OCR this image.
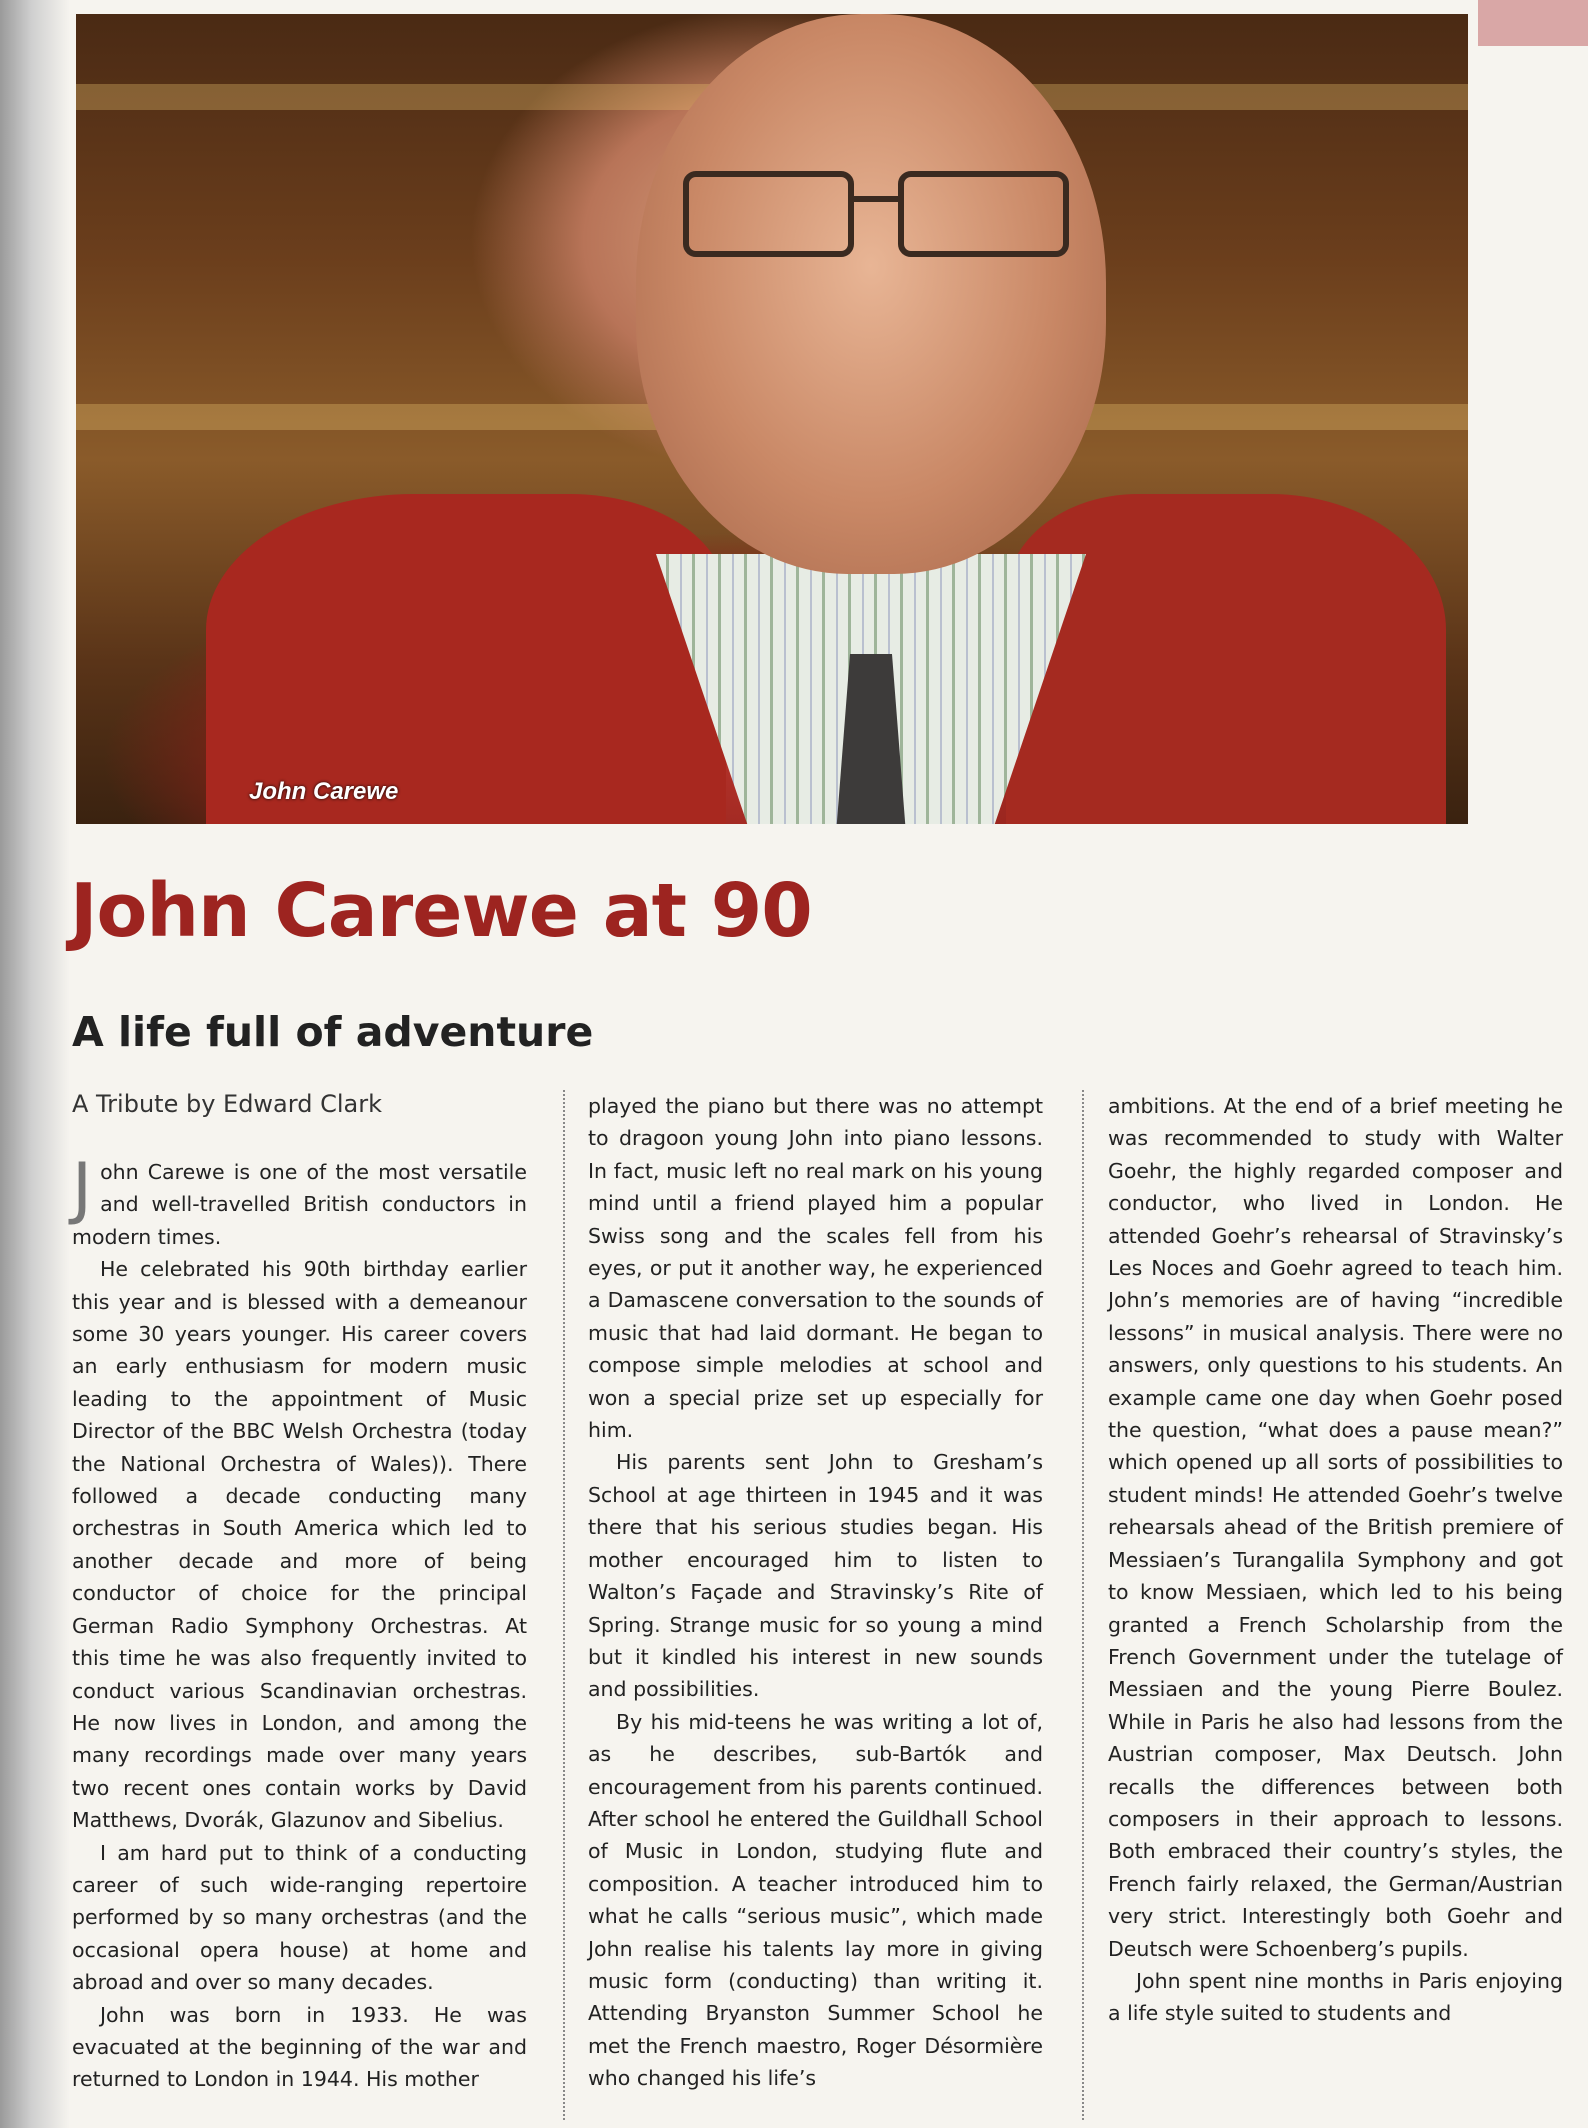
John Carewe
John Carewe at 90
A life full of adventure
A Tribute by Edward Clark

John Carewe is one of the most versatile and well-travelled British conductors in modern times.

He celebrated his 90th birthday earlier this year and is blessed with a demeanour some 30 years younger. His career covers an early enthusiasm for modern music leading to the appointment of Music Director of the BBC Welsh Orchestra (today the National Orchestra of Wales)). There followed a decade conducting many orchestras in South America which led to another decade and more of being conductor of choice for the principal German Radio Symphony Orchestras. At this time he was also frequently invited to conduct various Scandinavian orchestras. He now lives in London, and among the many recordings made over many years two recent ones contain works by David Matthews, Dvorák, Glazunov and Sibelius.

I am hard put to think of a conducting career of such wide-ranging repertoire performed by so many orchestras (and the occasional opera house) at home and abroad and over so many decades.

John was born in 1933. He was evacuated at the beginning of the war and returned to London in 1944. His mother

played the piano but there was no attempt to dragoon young John into piano lessons. In fact, music left no real mark on his young mind until a friend played him a popular Swiss song and the scales fell from his eyes, or put it another way, he experienced a Damascene conversation to the sounds of music that had laid dormant. He began to compose simple melodies at school and won a special prize set up especially for him.

His parents sent John to Gresham’s School at age thirteen in 1945 and it was there that his serious studies began. His mother encouraged him to listen to Walton’s Façade and Stravinsky’s Rite of Spring. Strange music for so young a mind but it kindled his interest in new sounds and possibilities.

By his mid-teens he was writing a lot of, as he describes, sub-Bartók and encouragement from his parents continued. After school he entered the Guildhall School of Music in London, studying flute and composition. A teacher introduced him to what he calls “serious music”, which made John realise his talents lay more in giving music form (conducting) than writing it. Attending Bryanston Summer School he met the French maestro, Roger Désormière who changed his life’s

ambitions. At the end of a brief meeting he was recommended to study with Walter Goehr, the highly regarded composer and conductor, who lived in London. He attended Goehr’s rehearsal of Stravinsky’s Les Noces and Goehr agreed to teach him. John’s memories are of having “incredible lessons” in musical analysis. There were no answers, only questions to his students. An example came one day when Goehr posed the question, “what does a pause mean?” which opened up all sorts of possibilities to student minds! He attended Goehr’s twelve rehearsals ahead of the British premiere of Messiaen’s Turangalila Symphony and got to know Messiaen, which led to his being granted a French Scholarship from the French Government under the tutelage of Messiaen and the young Pierre Boulez. While in Paris he also had lessons from the Austrian composer, Max Deutsch. John recalls the differences between both composers in their approach to lessons. Both embraced their country’s styles, the French fairly relaxed, the German/Austrian very strict. Interestingly both Goehr and Deutsch were Schoenberg’s pupils.

John spent nine months in Paris enjoying a life style suited to students and
